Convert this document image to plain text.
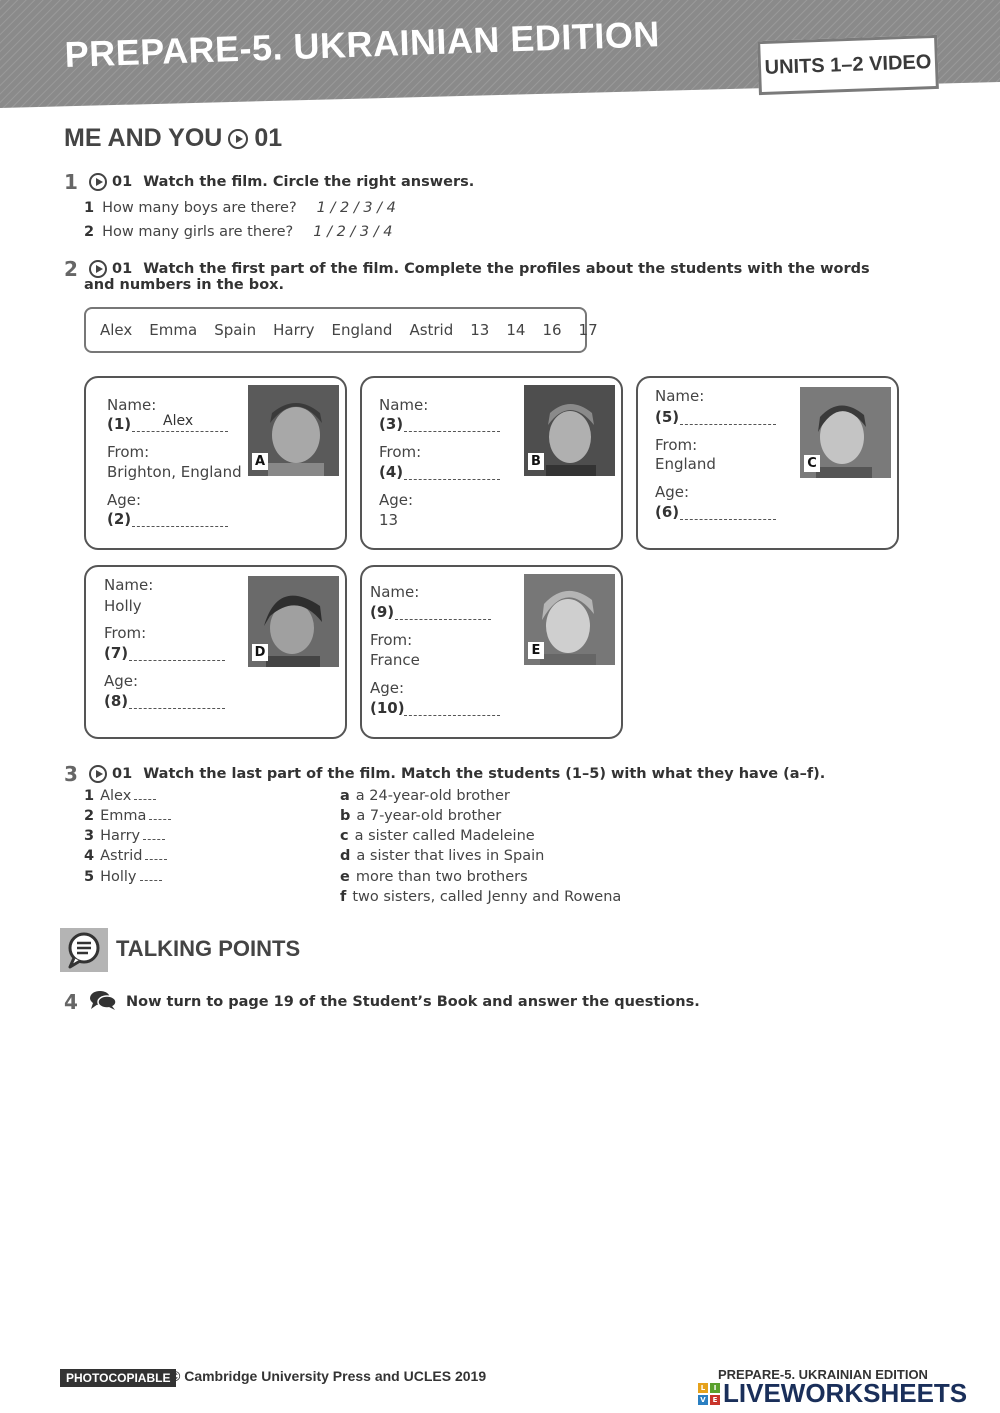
PREPARE-5. UKRAINIAN EDITION	UNITS 1–2 VIDEO
ME AND YOU 01
1	01 Watch the film. Circle the right answers.
1 How many boys are there? 1 / 2 / 3 / 4
2 How many girls are there? 1 / 2 / 3 / 4
2	01 Watch the first part of the film. Complete the profiles about the students with the words
and numbers in the box.
Alex Emma Spain Harry England Astrid 13 14 16 17
Name:
(1) Alex
From:
Brighton, England
Age:
(2)
A
Name:
(3)
From:
(4)
Age:
13
B
Name:
(5)
From:
England
Age:
(6)
C
Name:
Holly
From:
(7)
Age:
(8)
D
Name:
(9)
From:
France
Age:
(10)
E
3	01 Watch the last part of the film. Match the students (1–5) with what they have (a–f).
1 Alex
2 Emma
3 Harry
4 Astrid
5 Holly
a a 24-year-old brother
b a 7-year-old brother
c a sister called Madeleine
d a sister that lives in Spain
e more than two brothers
f two sisters, called Jenny and Rowena
TALKING POINTS
4	Now turn to page 19 of the Student’s Book and answer the questions.
PHOTOCOPIABLE © Cambridge University Press and UCLES 2019	PREPARE-5. UKRAINIAN EDITION
L	I
V E LIVEWORKSHEETS
